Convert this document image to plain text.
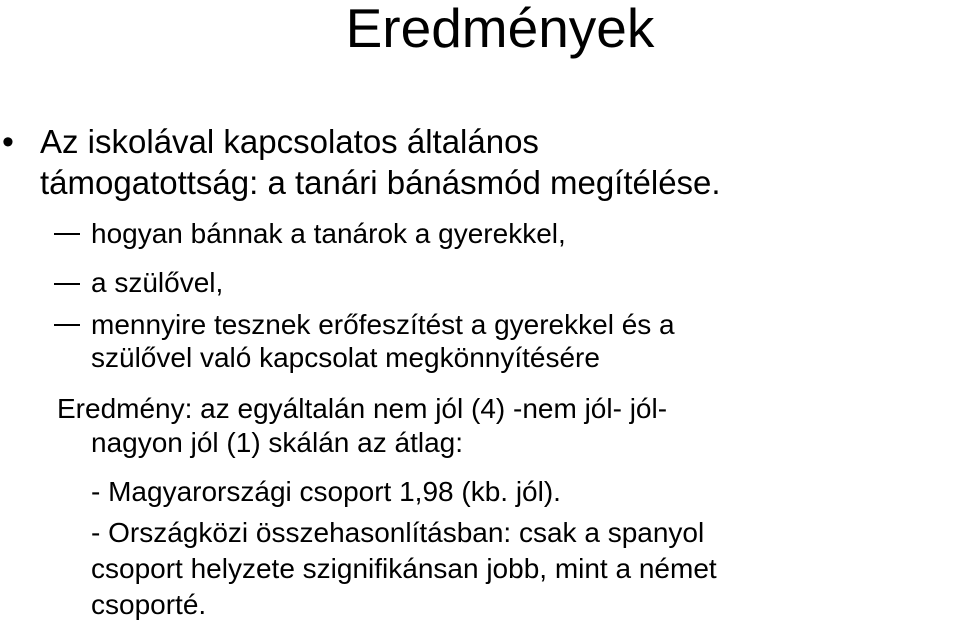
Eredmények
• Az iskolával kapcsolatos általános
támogatottság: a tanári bánásmód megítélése.
hogyan bánnak a tanárok a gyerekkel,
a szülővel,
mennyire tesznek erőfeszítést a gyerekkel és a
szülővel való kapcsolat megkönnyítésére
Eredmény: az egyáltalán nem jól (4) -nem jól- jól-
nagyon jól (1) skálán az átlag:
- Magyarországi csoport 1,98 (kb. jól).
- Országközi összehasonlításban: csak a spanyol
csoport helyzete szignifikánsan jobb, mint a német
csoporté.
